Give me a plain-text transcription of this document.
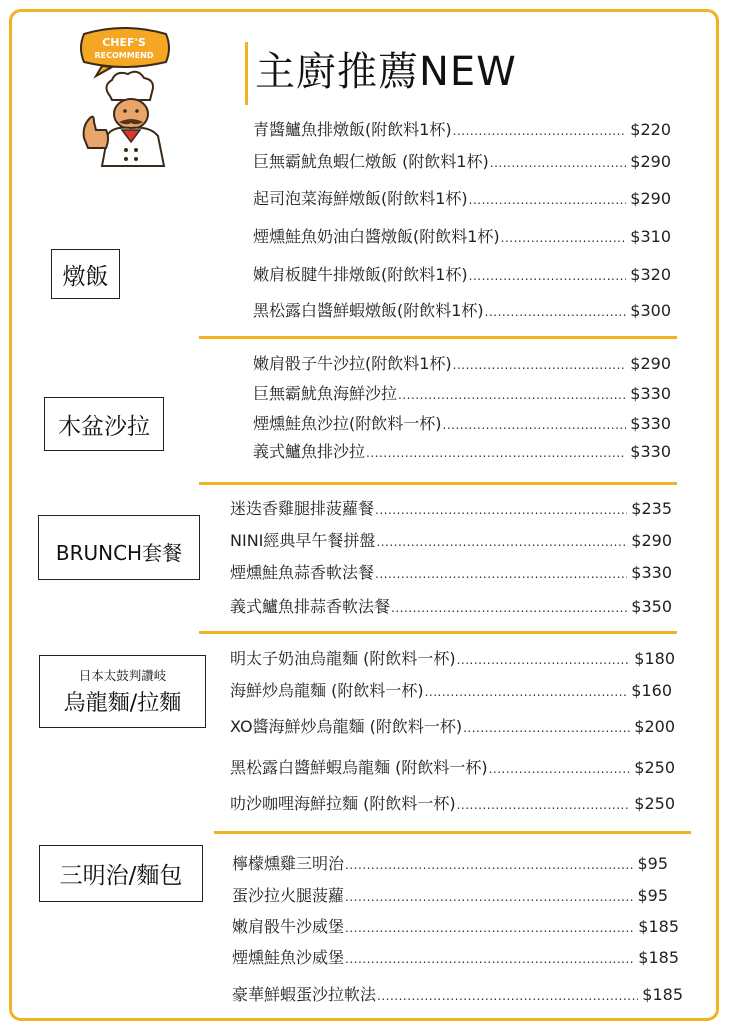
CHEF'S
RECOMMEND	主廚推薦NEW
燉飯
木盆沙拉
BRUNCH套餐
日本太鼓判讚岐
烏龍麵/拉麵
三明治/麵包
青醬鱸魚排燉飯(附飲料1杯) .....	$220
巨無霸魷魚蝦仁燉飯 (附飲料1杯) .....	$290
起司泡菜海鮮燉飯(附飲料1杯) .....	$290
煙燻鮭魚奶油白醬燉飯(附飲料1杯) .....	$310
嫩肩板腱牛排燉飯(附飲料1杯) .....	$320
黑松露白醬鮮蝦燉飯(附飲料1杯) .....	$300
嫩肩骰子牛沙拉(附飲料1杯) .....	$290
巨無霸魷魚海鮮沙拉 .....	$330
煙燻鮭魚沙拉(附飲料一杯) .....	$330
義式鱸魚排沙拉 .....	$330
迷迭香雞腿排菠蘿餐 .....	$235
NINI經典早午餐拼盤 .....	$290
煙燻鮭魚蒜香軟法餐 .....	$330
義式鱸魚排蒜香軟法餐 .....	$350
明太子奶油烏龍麵 (附飲料一杯) .....	$180
海鮮炒烏龍麵 (附飲料一杯) .....	$160
XO醬海鮮炒烏龍麵 (附飲料一杯) .....	$200
黑松露白醬鮮蝦烏龍麵 (附飲料一杯) .....	$250
叻沙咖哩海鮮拉麵 (附飲料一杯) .....	$250
檸檬燻雞三明治 .....	$95
蛋沙拉火腿菠蘿 .....	$95
嫩肩骰牛沙威堡 .....	$185
煙燻鮭魚沙威堡 .....	$185
豪華鮮蝦蛋沙拉軟法 .....	$185
